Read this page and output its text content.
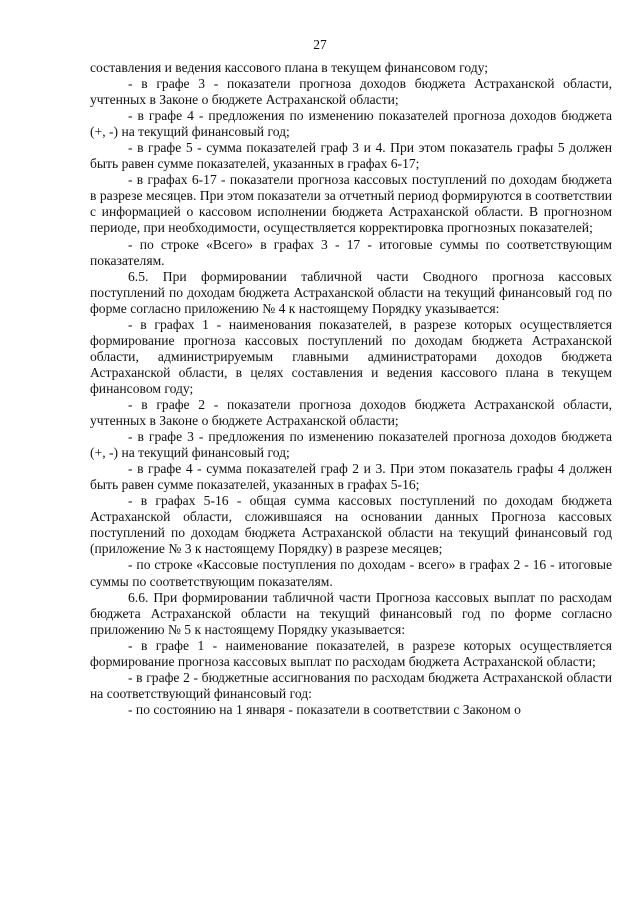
27

составления и ведения кассового плана в текущем финансовом году;

- в графе 3 - показатели прогноза доходов бюджета Астраханской области, учтенных в Законе о бюджете Астраханской области;

- в графе 4 - предложения по изменению показателей прогноза доходов бюджета (+, -) на текущий финансовый год;

- в графе 5 - сумма показателей граф 3 и 4. При этом показатель графы 5 должен быть равен сумме показателей, указанных в графах 6-17;

- в графах 6-17 - показатели прогноза кассовых поступлений по доходам бюджета в разрезе месяцев. При этом показатели за отчетный период формируются в соответствии с информацией о кассовом исполнении бюджета Астраханской области. В прогнозном периоде, при необходимости, осуществляется корректировка прогнозных показателей;

- по строке «Всего» в графах 3 - 17 - итоговые суммы по соответствующим показателям.

6.5. При формировании табличной части Сводного прогноза кассовых поступлений по доходам бюджета Астраханской области на текущий финансовый год по форме согласно приложению № 4 к настоящему Порядку указывается:

- в графах 1 - наименования показателей, в разрезе которых осуществляется формирование прогноза кассовых поступлений по доходам бюджета Астраханской области, администрируемым главными администраторами доходов бюджета Астраханской области, в целях составления и ведения кассового плана в текущем финансовом году;

- в графе 2 - показатели прогноза доходов бюджета Астраханской области, учтенных в Законе о бюджете Астраханской области;

- в графе 3 - предложения по изменению показателей прогноза доходов бюджета (+, -) на текущий финансовый год;

- в графе 4 - сумма показателей граф 2 и 3. При этом показатель графы 4 должен быть равен сумме показателей, указанных в графах 5-16;

- в графах 5-16 - общая сумма кассовых поступлений по доходам бюджета Астраханской области, сложившаяся на основании данных Прогноза кассовых поступлений по доходам бюджета Астраханской области на текущий финансовый год (приложение № 3 к настоящему Порядку) в разрезе месяцев;

- по строке «Кассовые поступления по доходам - всего» в графах 2 - 16 - итоговые суммы по соответствующим показателям.

6.6. При формировании табличной части Прогноза кассовых выплат по расходам бюджета Астраханской области на текущий финансовый год по форме согласно приложению № 5 к настоящему Порядку указывается:

- в графе 1 - наименование показателей, в разрезе которых осуществляется формирование прогноза кассовых выплат по расходам бюджета Астраханской области;

- в графе 2 - бюджетные ассигнования по расходам бюджета Астраханской области на соответствующий финансовый год:

- по состоянию на 1 января - показатели в соответствии с Законом о
